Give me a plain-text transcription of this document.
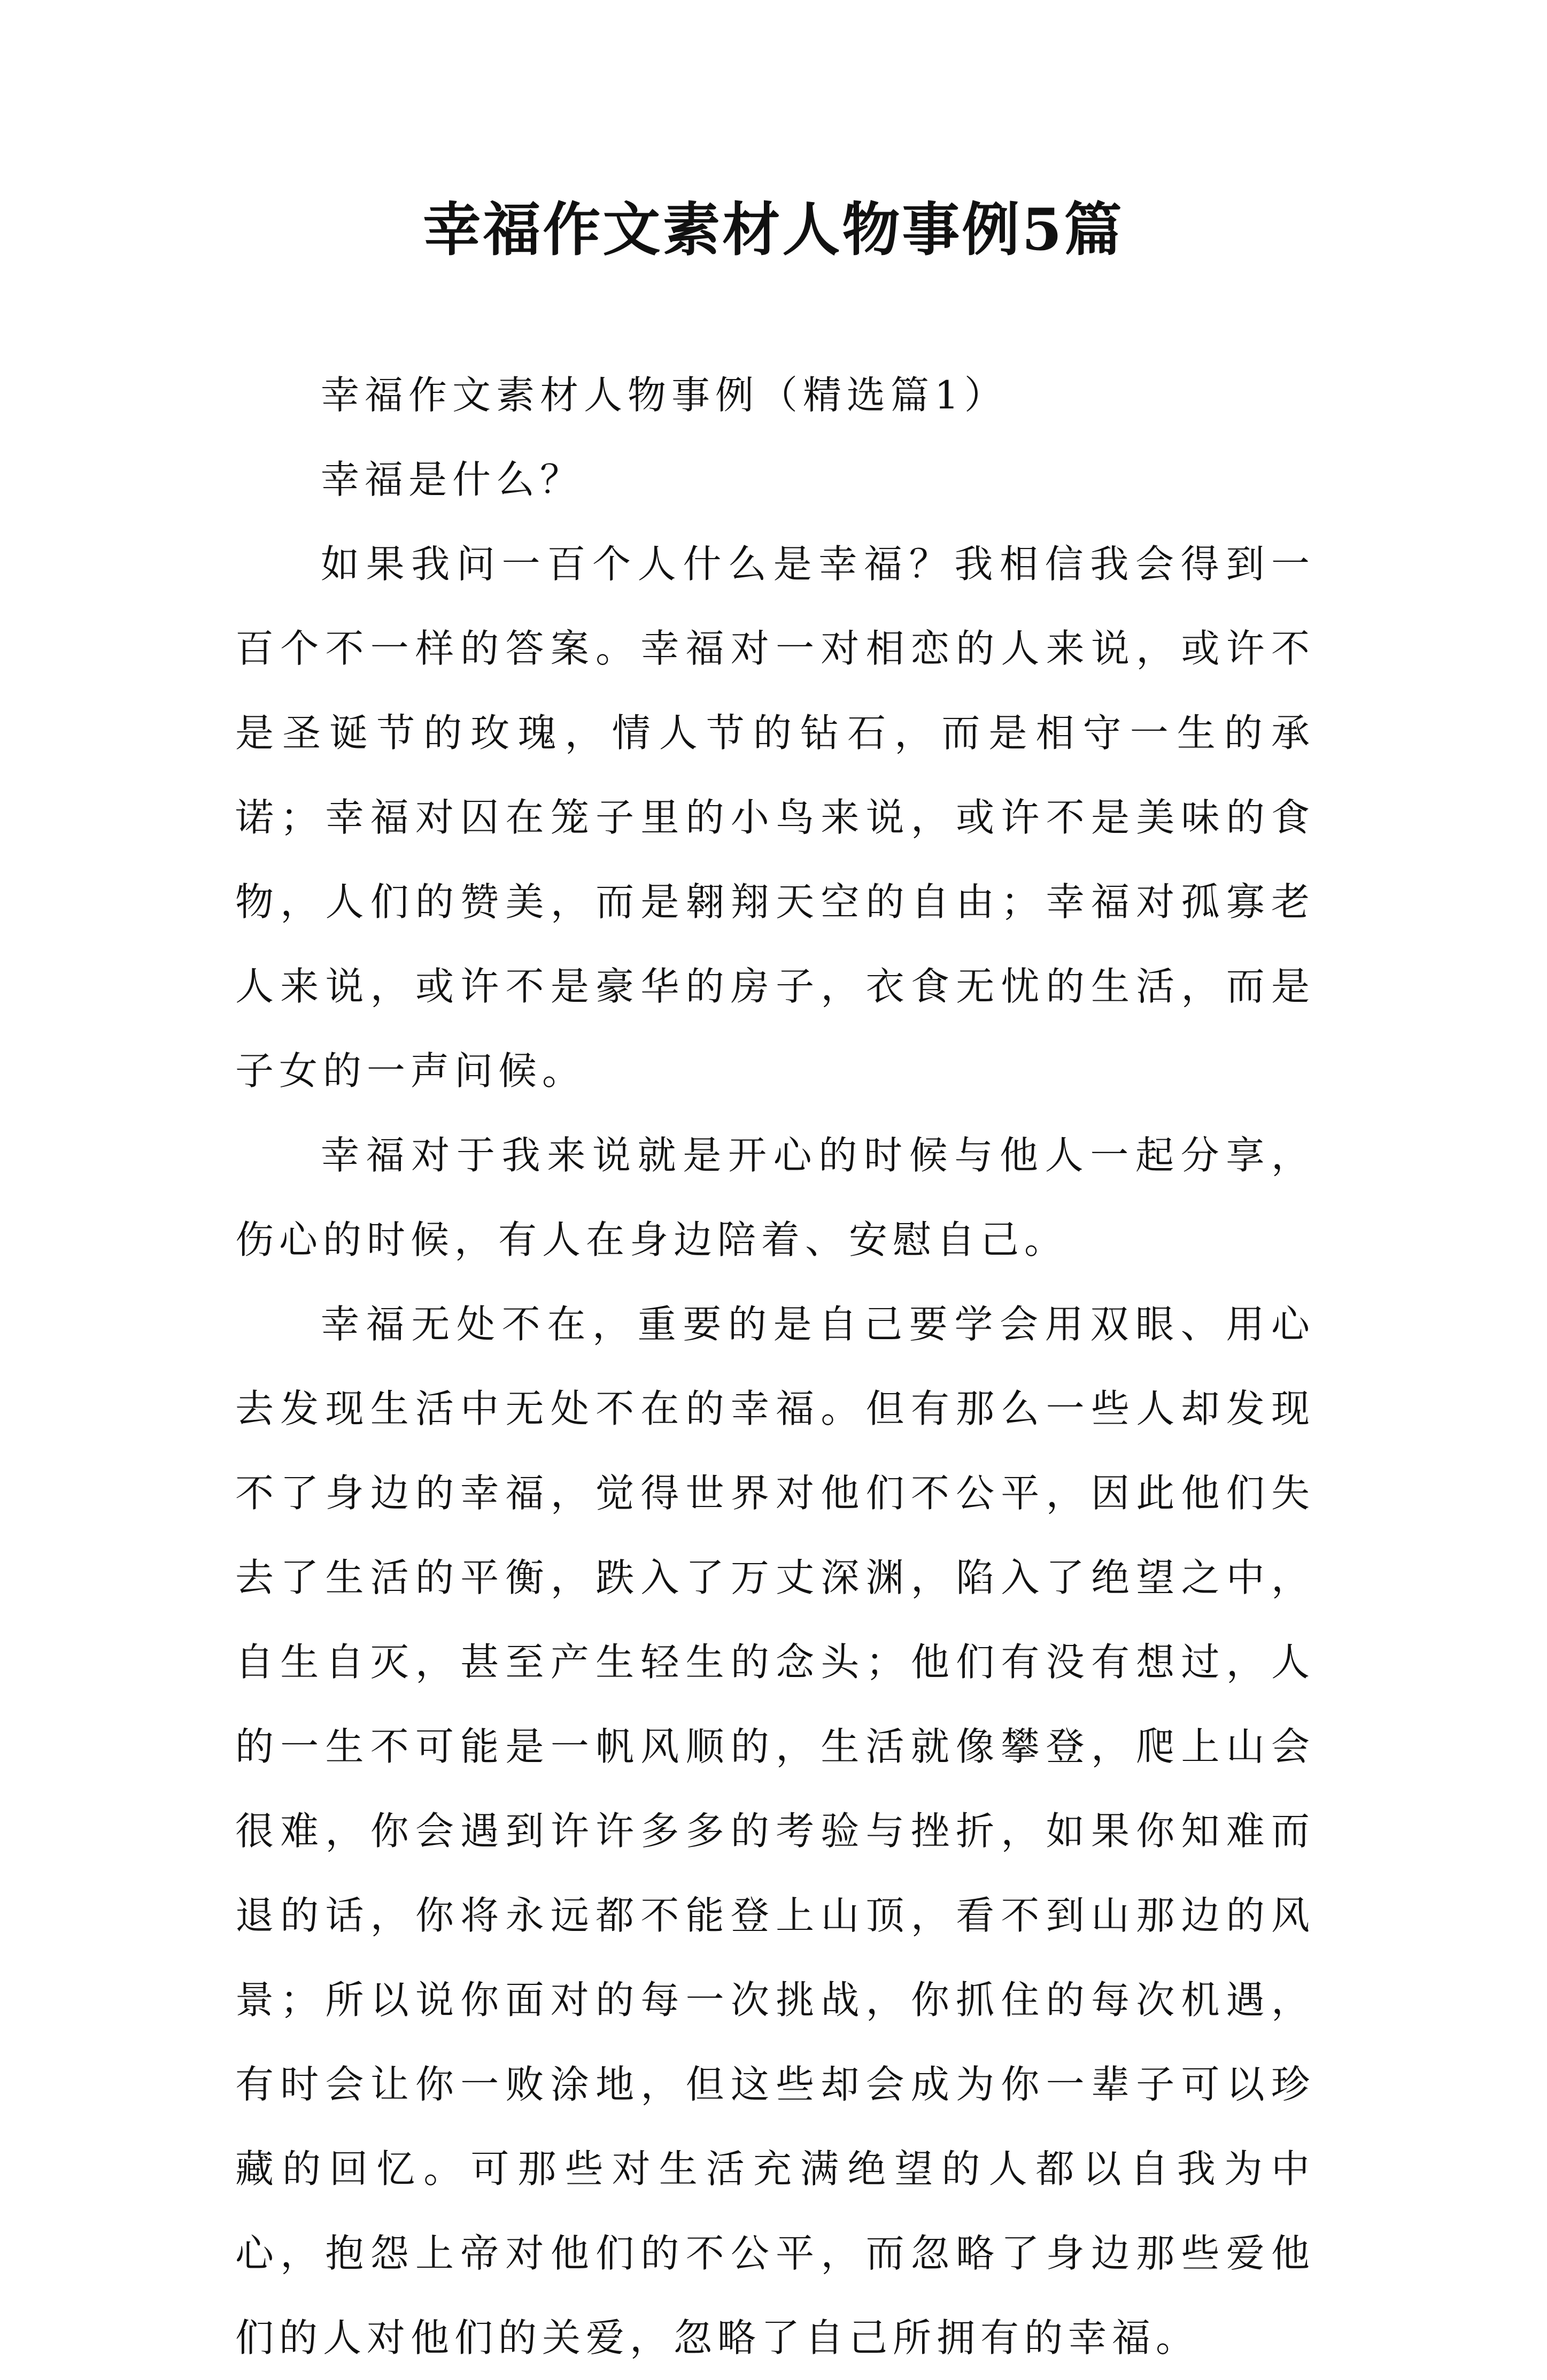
幸福作文素材人物事例5篇

幸福作文素材人物事例（精选篇1）

幸福是什么？

如果我问一百个人什么是幸福？我相信我会得到一百个不一样的答案。幸福对一对相恋的人来说，或许不是圣诞节的玫瑰，情人节的钻石，而是相守一生的承诺；幸福对囚在笼子里的小鸟来说，或许不是美味的食物，人们的赞美，而是翱翔天空的自由；幸福对孤寡老人来说，或许不是豪华的房子，衣食无忧的生活，而是子女的一声问候。

幸福对于我来说就是开心的时候与他人一起分享，伤心的时候，有人在身边陪着、安慰自己。

幸福无处不在，重要的是自己要学会用双眼、用心去发现生活中无处不在的幸福。但有那么一些人却发现不了身边的幸福，觉得世界对他们不公平，因此他们失去了生活的平衡，跌入了万丈深渊，陷入了绝望之中，自生自灭，甚至产生轻生的念头；他们有没有想过，人的一生不可能是一帆风顺的，生活就像攀登，爬上山会很难，你会遇到许许多多的考验与挫折，如果你知难而退的话，你将永远都不能登上山顶，看不到山那边的风景；所以说你面对的每一次挑战，你抓住的每次机遇，有时会让你一败涂地，但这些却会成为你一辈子可以珍藏的回忆。可那些对生活充满绝望的人都以自我为中心，抱怨上帝对他们的不公平，而忽略了身边那些爱他们的人对他们的关爱，忽略了自己所拥有的幸福。
